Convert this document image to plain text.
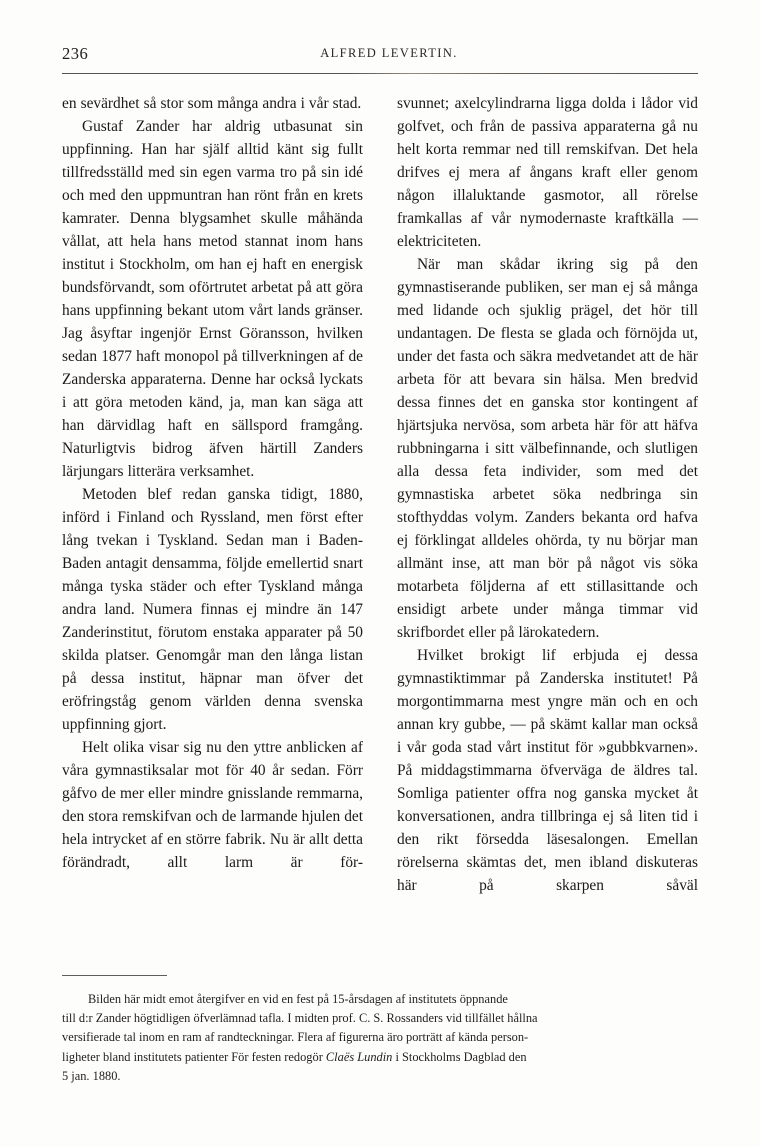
236	ALFRED LEVERTIN.

en sevärdhet så stor som många andra i vår stad.

Gustaf Zander har aldrig utbasunat sin uppfinning. Han har själf alltid känt sig fullt tillfredsställd med sin egen varma tro på sin idé och med den uppmuntran han rönt från en krets kamrater. Denna blygsamhet skulle måhända vållat, att hela hans metod stannat inom hans institut i Stockholm, om han ej haft en energisk bundsförvandt, som oförtrutet arbetat på att göra hans uppfinning bekant utom vårt lands gränser. Jag åsyftar ingenjör Ernst Göransson, hvilken sedan 1877 haft monopol på tillverkningen af de Zanderska apparaterna. Denne har också lyckats i att göra metoden känd, ja, man kan säga att han därvidlag haft en sällspord framgång. Naturligtvis bidrog äfven härtill Zanders lärjungars litterära verksamhet.

Metoden blef redan ganska tidigt, 1880, införd i Finland och Ryssland, men först efter lång tvekan i Tyskland. Sedan man i Baden-Baden antagit densamma, följde emellertid snart många tyska städer och efter Tyskland många andra land. Numera finnas ej mindre än 147 Zanderinstitut, förutom enstaka apparater på 50 skilda platser. Genomgår man den långa listan på dessa institut, häpnar man öfver det eröfringståg genom världen denna svenska uppfinning gjort.

Helt olika visar sig nu den yttre anblicken af våra gymnastiksalar mot för 40 år sedan. Förr gåfvo de mer eller mindre gnisslande remmarna, den stora remskifvan och de larmande hjulen det hela intrycket af en större fabrik. Nu är allt detta förändradt, allt larm är för-

svunnet; axelcylindrarna ligga dolda i lådor vid golfvet, och från de passiva apparaterna gå nu helt korta remmar ned till remskifvan. Det hela drifves ej mera af ångans kraft eller genom någon illaluktande gasmotor, all rörelse framkallas af vår nymodernaste kraftkälla — elektriciteten.

När man skådar ikring sig på den gymnastiserande publiken, ser man ej så många med lidande och sjuklig prägel, det hör till undantagen. De flesta se glada och förnöjda ut, under det fasta och säkra medvetandet att de här arbeta för att bevara sin hälsa. Men bredvid dessa finnes det en ganska stor kontingent af hjärtsjuka nervösa, som arbeta här för att häfva rubbningarna i sitt välbefinnande, och slutligen alla dessa feta individer, som med det gymnastiska arbetet söka nedbringa sin stofthyddas volym. Zanders bekanta ord hafva ej förklingat alldeles ohörda, ty nu börjar man allmänt inse, att man bör på något vis söka motarbeta följderna af ett stillasittande och ensidigt arbete under många timmar vid skrifbordet eller på lärokatedern.

Hvilket brokigt lif erbjuda ej dessa gymnastiktimmar på Zanderska institutet! På morgontimmarna mest yngre män och en och annan kry gubbe, — på skämt kallar man också i vår goda stad vårt institut för »gubbkvarnen». På middagstimmarna öfverväga de äldres tal. Somliga patienter offra nog ganska mycket åt konversationen, andra tillbringa ej så liten tid i den rikt försedda läsesalongen. Emellan rörelserna skämtas det, men ibland diskuteras här på skarpen såväl

Bilden här midt emot återgifver en vid en fest på 15-årsdagen af institutets öppnande

till d:r Zander högtidligen öfverlämnad tafla. I midten prof. C. S. Rossanders vid tillfället hållna

versifierade tal inom en ram af randteckningar. Flera af figurerna äro porträtt af kända person-

ligheter bland institutets patienter För festen redogör Claës Lundin i Stockholms Dagblad den

5 jan. 1880.
